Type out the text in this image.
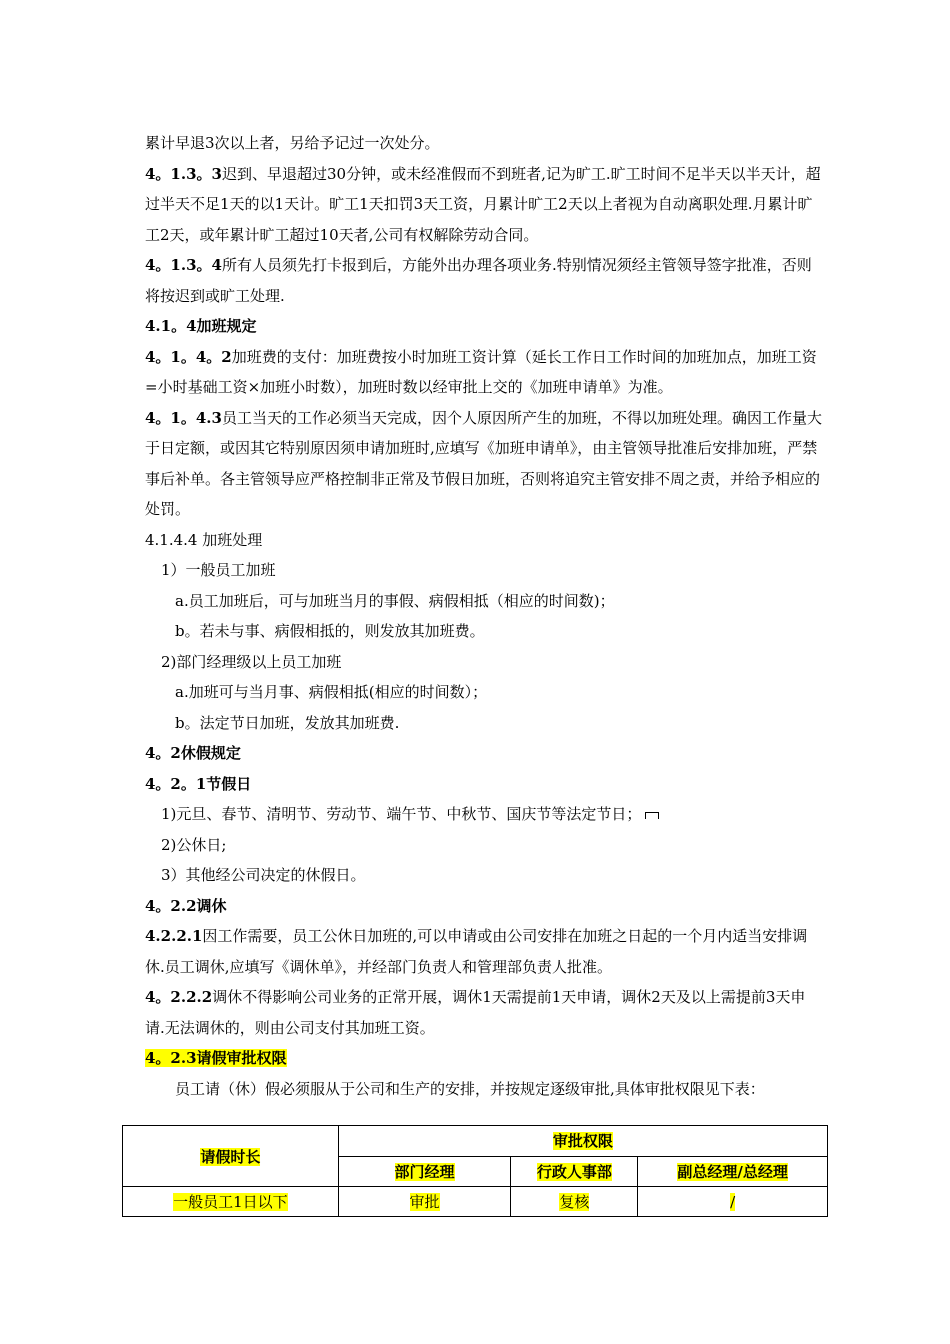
累计早退3次以上者，另给予记过一次处分。

4。1.3。3迟到、早退超过30分钟，或未经准假而不到班者,记为旷工.旷工时间不足半天以半天计，超过半天不足1天的以1天计。旷工1天扣罚3天工资，月累计旷工2天以上者视为自动离职处理.月累计旷工2天，或年累计旷工超过10天者,公司有权解除劳动合同。

4。1.3。4所有人员须先打卡报到后，方能外出办理各项业务.特别情况须经主管领导签字批准，否则将按迟到或旷工处理.

4.1。4加班规定

4。1。4。2加班费的支付：加班费按小时加班工资计算（延长工作日工作时间的加班加点，加班工资=小时基础工资×加班小时数），加班时数以经审批上交的《加班申请单》为准。

4。1。4.3员工当天的工作必须当天完成，因个人原因所产生的加班，不得以加班处理。确因工作量大于日定额，或因其它特别原因须申请加班时,应填写《加班申请单》，由主管领导批准后安排加班，严禁事后补单。各主管领导应严格控制非正常及节假日加班，否则将追究主管安排不周之责，并给予相应的处罚。

4.1.4.4 加班处理

1）一般员工加班

a.员工加班后，可与加班当月的事假、病假相抵（相应的时间数)；

b。若未与事、病假相抵的，则发放其加班费。

2)部门经理级以上员工加班

a.加班可与当月事、病假相抵(相应的时间数）；

b。法定节日加班，发放其加班费.

4。2休假规定

4。2。1节假日

1)元旦、春节、清明节、劳动节、端午节、中秋节、国庆节等法定节日；

2)公休日;

3）其他经公司决定的休假日。

4。2.2调休

4.2.2.1因工作需要，员工公休日加班的,可以申请或由公司安排在加班之日起的一个月内适当安排调休.员工调休,应填写《调休单》，并经部门负责人和管理部负责人批准。

4。2.2.2调休不得影响公司业务的正常开展，调休1天需提前1天申请，调休2天及以上需提前3天申请.无法调休的，则由公司支付其加班工资。

4。2.3请假审批权限

员工请（休）假必须服从于公司和生产的安排，并按规定逐级审批,具体审批权限见下表：

请假时长	审批权限		
	部门经理	行政人事部	副总经理/总经理
一般员工1日以下	审批	复核	/
